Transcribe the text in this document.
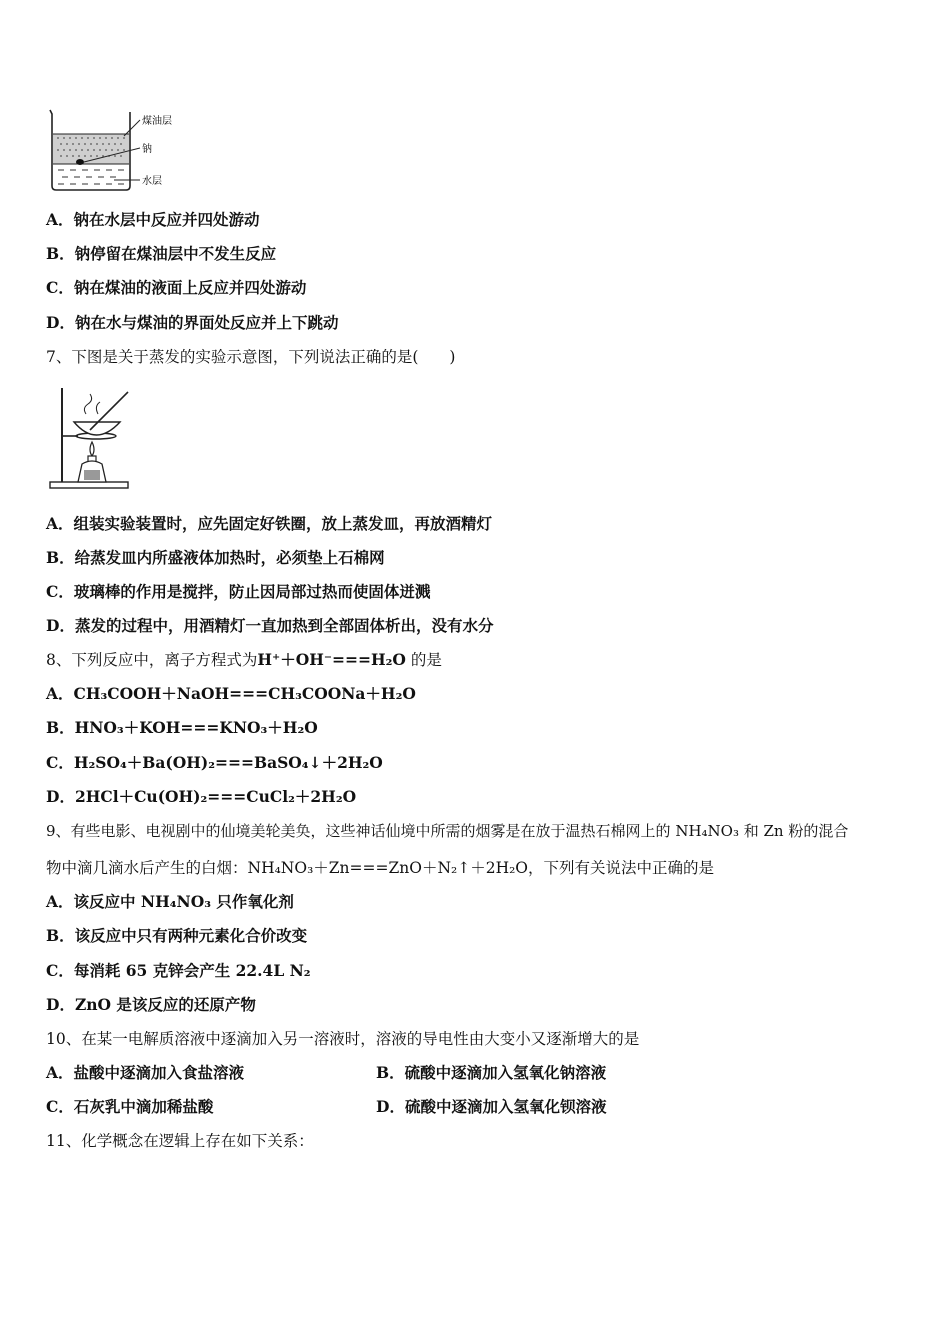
煤油层
钠
水层
A．钠在水层中反应并四处游动
B．钠停留在煤油层中不发生反应
C．钠在煤油的液面上反应并四处游动
D．钠在水与煤油的界面处反应并上下跳动
7、下图是关于蒸发的实验示意图，下列说法正确的是(　　)
A．组装实验装置时，应先固定好铁圈，放上蒸发皿，再放酒精灯
B．给蒸发皿内所盛液体加热时，必须垫上石棉网
C．玻璃棒的作用是搅拌，防止因局部过热而使固体迸溅
D．蒸发的过程中，用酒精灯一直加热到全部固体析出，没有水分
8、下列反应中，离子方程式为H⁺＋OH⁻===H₂O 的是
A．CH₃COOH＋NaOH===CH₃COONa＋H₂O
B．HNO₃＋KOH===KNO₃＋H₂O
C．H₂SO₄＋Ba(OH)₂===BaSO₄↓＋2H₂O
D．2HCl＋Cu(OH)₂===CuCl₂＋2H₂O
9、有些电影、电视剧中的仙境美轮美奂，这些神话仙境中所需的烟雾是在放于温热石棉网上的 NH₄NO₃ 和 Zn 粉的混合
物中滴几滴水后产生的白烟：NH₄NO₃＋Zn===ZnO＋N₂↑＋2H₂O，下列有关说法中正确的是
A．该反应中 NH₄NO₃ 只作氧化剂
B．该反应中只有两种元素化合价改变
C．每消耗 65 克锌会产生 22.4L N₂
D．ZnO 是该反应的还原产物
10、在某一电解质溶液中逐滴加入另一溶液时，溶液的导电性由大变小又逐渐增大的是
A．盐酸中逐滴加入食盐溶液	B．硫酸中逐滴加入氢氧化钠溶液
C．石灰乳中滴加稀盐酸	D．硫酸中逐滴加入氢氧化钡溶液
11、化学概念在逻辑上存在如下关系：
